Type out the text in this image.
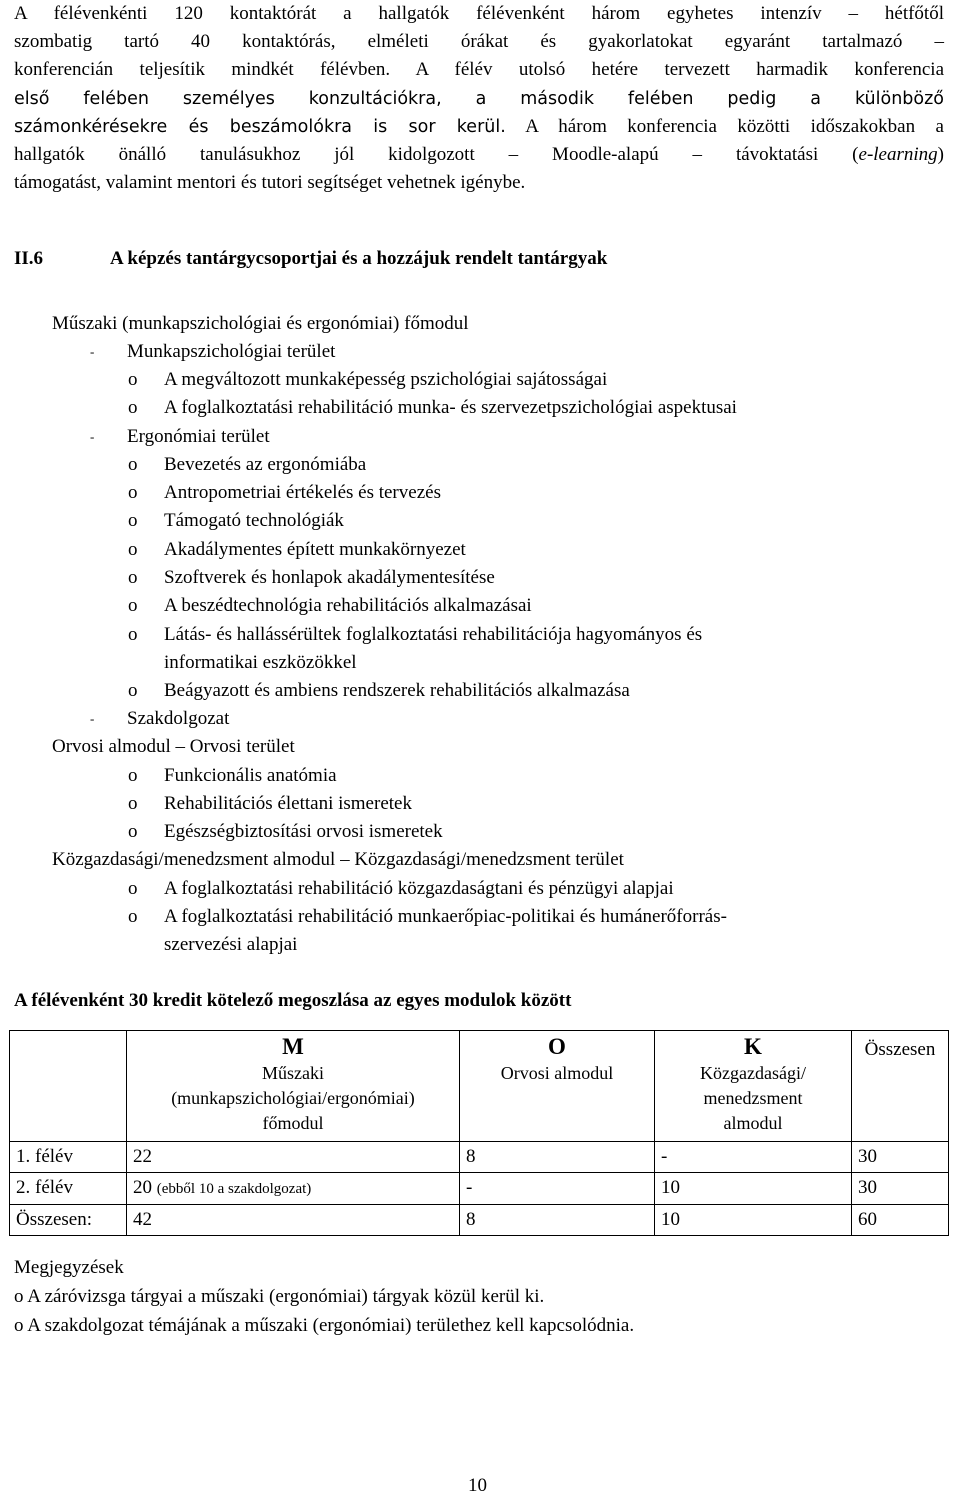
A félévenkénti 120 kontaktórát a hallgatók félévenként három egyhetes intenzív – hétfőtől
szombatig tartó 40 kontaktórás, elméleti órákat és gyakorlatokat egyaránt tartalmazó –
konferencián teljesítik mindkét félévben. A félév utolsó hetére tervezett harmadik konferencia
első felében személyes konzultációkra, a második felében pedig a különböző
számonkérésekre és beszámolókra is sor kerül. A három konferencia közötti időszakokban a
hallgatók önálló tanulásukhoz jól kidolgozott – Moodle-alapú – távoktatási (e-learning)
támogatást, valamint mentori és tutori segítséget vehetnek igénybe.
II.6	A képzés tantárgycsoportjai és a hozzájuk rendelt tantárgyak
Műszaki (munkapszichológiai és ergonómiai) főmodul
- Munkapszichológiai terület
o A megváltozott munkaképesség pszichológiai sajátosságai
o A foglalkoztatási rehabilitáció munka- és szervezetpszichológiai aspektusai
- Ergonómiai terület
o Bevezetés az ergonómiába
o Antropometriai értékelés és tervezés
o Támogató technológiák
o Akadálymentes épített munkakörnyezet
o Szoftverek és honlapok akadálymentesítése
o A beszédtechnológia rehabilitációs alkalmazásai
o Látás- és hallássérültek foglalkoztatási rehabilitációja hagyományos és
informatikai eszközökkel
o Beágyazott és ambiens rendszerek rehabilitációs alkalmazása
- Szakdolgozat
Orvosi almodul – Orvosi terület
o Funkcionális anatómia
o Rehabilitációs élettani ismeretek
o Egészségbiztosítási orvosi ismeretek
Közgazdasági/menedzsment almodul – Közgazdasági/menedzsment terület
o A foglalkoztatási rehabilitáció közgazdaságtani és pénzügyi alapjai
o A foglalkoztatási rehabilitáció munkaerőpiac-politikai és humánerőforrás-
szervezési alapjai
A félévenként 30 kredit kötelező megoszlása az egyes modulok között

	M
Műszaki
(munkapszichológiai/ergonómiai)
főmodul	O
Orvosi almodul	K
Közgazdasági/
menedzsment
almodul	Összesen

1. félév	22	8	-	30
2. félév	20 (ebből 10 a szakdolgozat)	-	10	30
Összesen:	42	8	10	60
Megjegyzések
o A záróvizsga tárgyai a műszaki (ergonómiai) tárgyak közül kerül ki.
o A szakdolgozat témájának a műszaki (ergonómiai) területhez kell kapcsolódnia.
10
